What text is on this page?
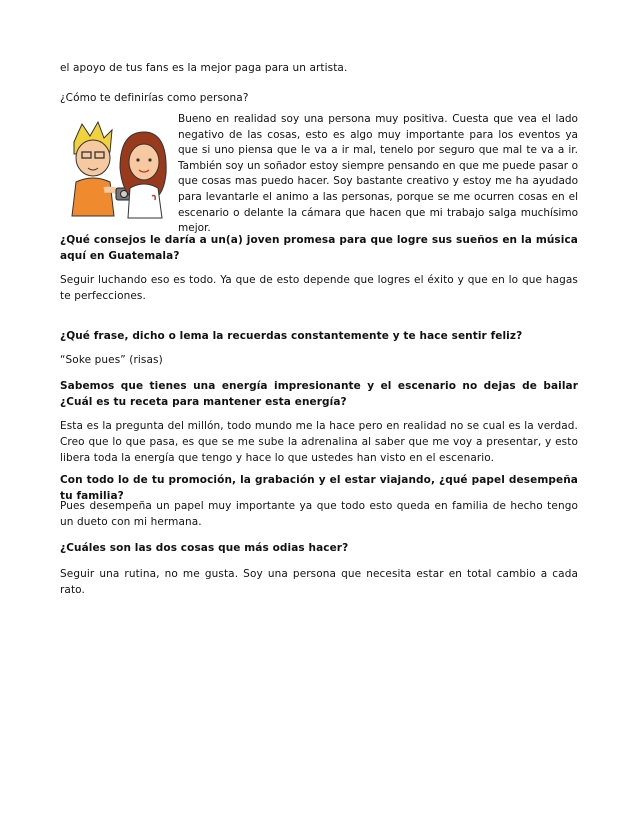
el apoyo de tus fans es la mejor paga para un artista.

¿Cómo te definirías como persona?

Bueno en realidad soy una persona muy positiva. Cuesta que vea el lado negativo de las cosas, esto es algo muy importante para los eventos ya que si uno piensa que le va a ir mal, tenelo por seguro que mal te va a ir. También soy un soñador estoy siempre pensando en que me puede pasar o que cosas mas puedo hacer. Soy bastante creativo y estoy me ha ayudado para levantarle el animo a las personas, porque se me ocurren cosas en el escenario o delante la cámara que hacen que mi trabajo salga muchísimo mejor.

¿Qué consejos le daría a un(a) joven promesa para que logre sus sueños en la música aquí en Guatemala?

Seguir luchando eso es todo. Ya que de esto depende que logres el éxito y que en lo que hagas te perfecciones.

¿Qué frase, dicho o lema la recuerdas constantemente y te hace sentir feliz?

“Soke pues” (risas)

Sabemos que tienes una energía impresionante y el escenario no dejas de bailar ¿Cuál es tu receta para mantener esta energía?

Esta es la pregunta del millón, todo mundo me la hace pero en realidad no se cual es la verdad. Creo que lo que pasa, es que se me sube la adrenalina al saber que me voy a presentar, y esto libera toda la energía que tengo y hace lo que ustedes han visto en el escenario.

Con todo lo de tu promoción, la grabación y el estar viajando, ¿qué papel desempeña tu familia?

Pues desempeña un papel muy importante ya que todo esto queda en familia de hecho tengo un dueto con mi hermana.

¿Cuáles son las dos cosas que más odias hacer?

Seguir una rutina, no me gusta. Soy una persona que necesita estar en total cambio a cada rato.
